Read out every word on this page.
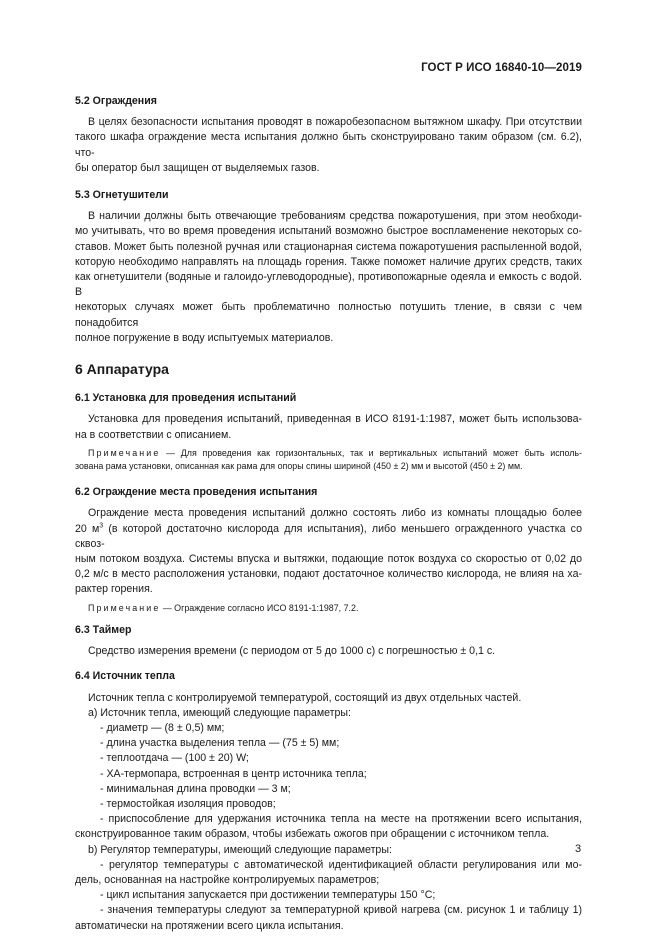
ГОСТ Р ИСО 16840-10—2019
5.2 Ограждения
В целях безопасности испытания проводят в пожаробезопасном вытяжном шкафу. При отсутствии
такого шкафа ограждение места испытания должно быть сконструировано таким образом (см. 6.2), что-
бы оператор был защищен от выделяемых газов.
5.3 Огнетушители
В наличии должны быть отвечающие требованиям средства пожаротушения, при этом необходи-
мо учитывать, что во время проведения испытаний возможно быстрое воспламенение некоторых со-
ставов. Может быть полезной ручная или стационарная система пожаротушения распыленной водой,
которую необходимо направлять на площадь горения. Также поможет наличие других средств, таких
как огнетушители (водяные и галоидо-углеводородные), противопожарные одеяла и емкость с водой. В
некоторых случаях может быть проблематично полностью потушить тление, в связи с чем понадобится
полное погружение в воду испытуемых материалов.
6 Аппаратура
6.1 Установка для проведения испытаний
Установка для проведения испытаний, приведенная в ИСО 8191-1:1987, может быть использова-
на в соответствии с описанием.
Примечание — Для проведения как горизонтальных, так и вертикальных испытаний может быть исполь-
зована рама установки, описанная как рама для опоры спины шириной (450 ± 2) мм и высотой (450 ± 2) мм.
6.2 Ограждение места проведения испытания
Ограждение места проведения испытаний должно состоять либо из комнаты площадью более
20 $м^3$ (в которой достаточно кислорода для испытания), либо меньшего огражденного участка со сквоз-
ным потоком воздуха. Системы впуска и вытяжки, подающие поток воздуха со скоростью от 0,02 до
0,2 м/с в место расположения установки, подают достаточное количество кислорода, не влияя на ха-
рактер горения.
Примечание — Ограждение согласно ИСО 8191-1:1987, 7.2.
6.3 Таймер
Средство измерения времени (с периодом от 5 до 1000 с) с погрешностью ± 0,1 с.
6.4 Источник тепла
Источник тепла с контролируемой температурой, состоящий из двух отдельных частей.
а) Источник тепла, имеющий следующие параметры:
- диаметр — (8 ± 0,5) мм;
- длина участка выделения тепла — (75 ± 5) мм;
- теплоотдача — (100 ± 20) W;
- ХА-термопара, встроенная в центр источника тепла;
- минимальная длина проводки — 3 м;
- термостойкая изоляция проводов;
- приспособление для удержания источника тепла на месте на протяжении всего испытания,
сконструированное таким образом, чтобы избежать ожогов при обращении с источником тепла.
b) Регулятор температуры, имеющий следующие параметры:
- регулятор температуры с автоматической идентификацией области регулирования или мо-
дель, основанная на настройке контролируемых параметров;
- цикл испытания запускается при достижении температуры 150 °С;
- значения температуры следуют за температурной кривой нагрева (см. рисунок 1 и таблицу 1)
автоматически на протяжении всего цикла испытания.
3
